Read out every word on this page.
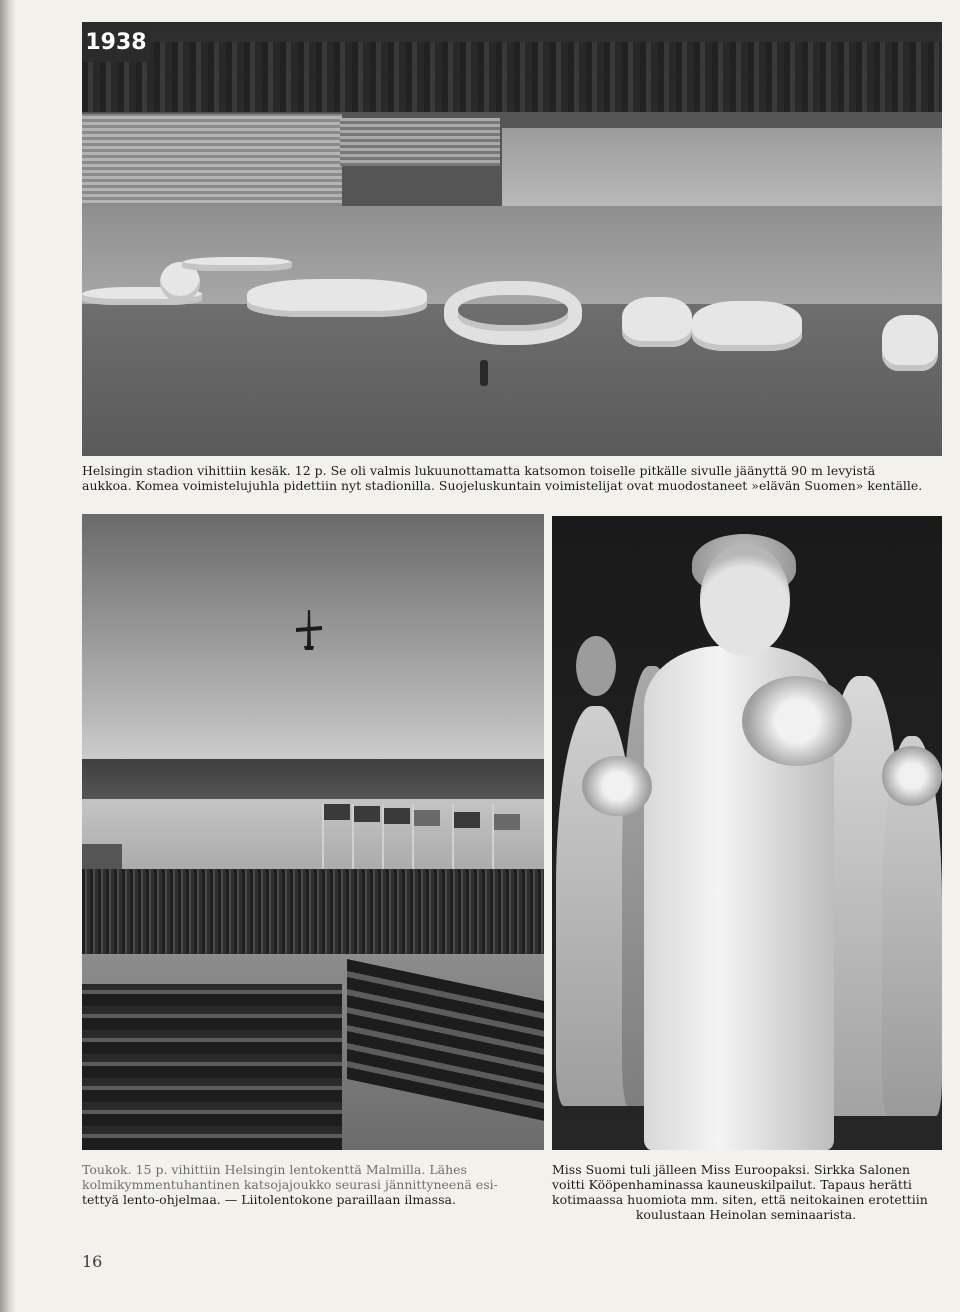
1938

Helsingin stadion vihittiin kesäk. 12 p. Se oli valmis lukuunottamatta katsomon toiselle pitkälle sivulle jäänyttä 90 m levyistä
aukkoa. Komea voimistelujuhla pidettiin nyt stadionilla. Suojeluskuntain voimistelijat ovat muodostaneet »elävän Suomen» kentälle.

Toukok. 15 p. vihittiin Helsingin lentokenttä Malmilla. Lähes
kolmikymmentuhantinen katsojajoukko seurasi jännittyneenä esi-
tettyä lento-ohjelmaa. — Liitolentokone paraillaan ilmassa.

Miss Suomi tuli jälleen Miss Euroopaksi. Sirkka Salonen
voitti Kööpenhaminassa kauneuskilpailut. Tapaus herätti
kotimaassa huomiota mm. siten, että neitokainen erotettiin
koulustaan Heinolan seminaarista.

16
